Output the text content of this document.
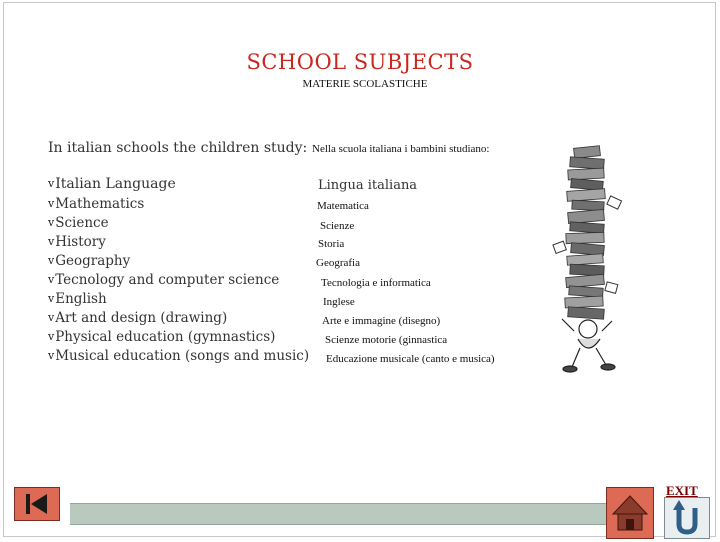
SCHOOL SUBJECTS
MATERIE SCOLASTICHE
In italian schools the children study: Nella scuola italiana i bambini studiano:
vItalian Language
vMathematics
vScience
vHistory
vGeography
vTecnology and computer science
vEnglish
vArt and design (drawing)
vPhysical education (gymnastics)
vMusical education (songs and music)
Lingua italiana
Matematica
Scienze
Storia
Geografia
Tecnologia e informatica
Inglese
Arte e immagine (disegno)
Scienze motorie (ginnastica
Educazione musicale (canto e musica)
EXIT
